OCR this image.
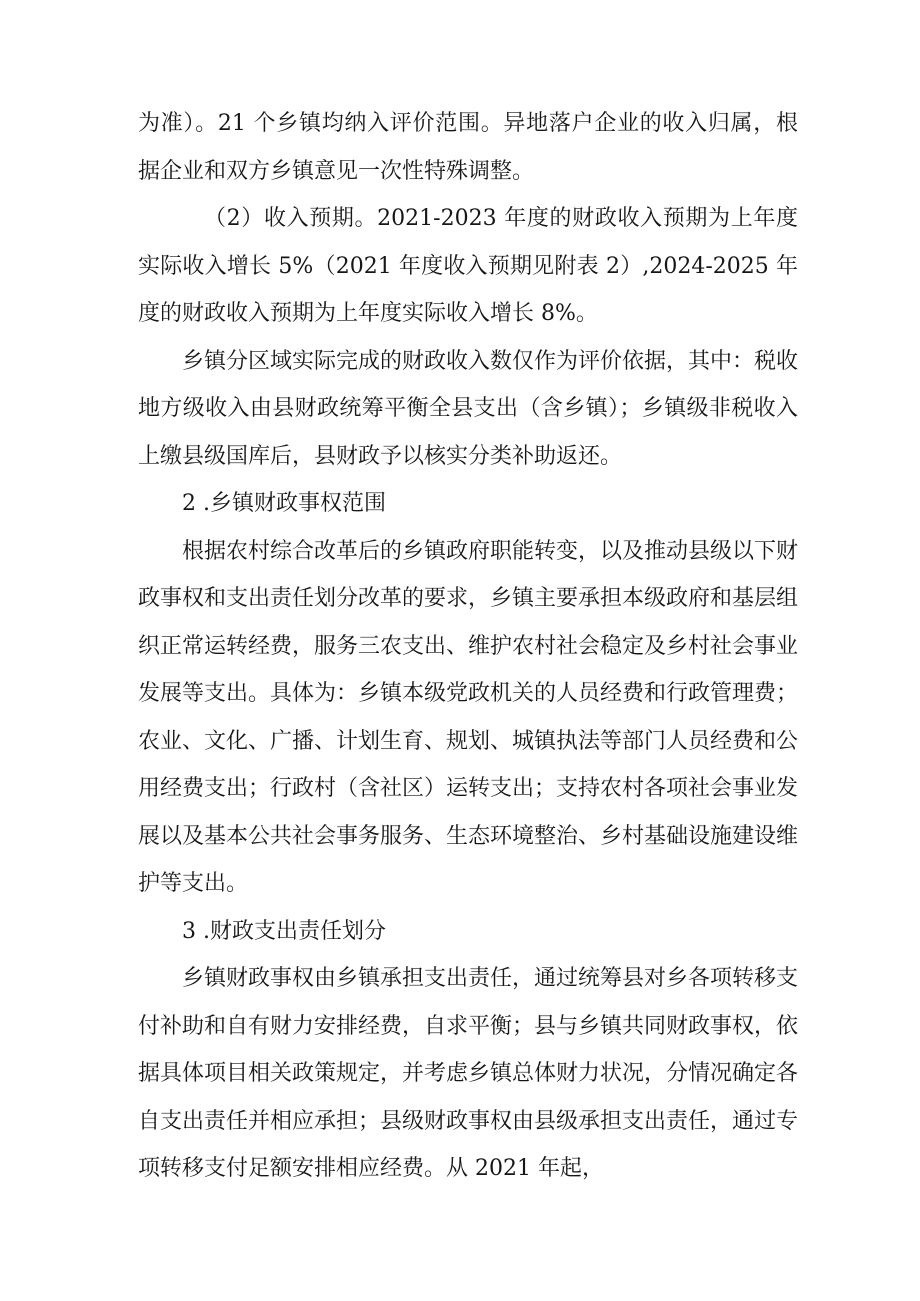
为准）。21 个乡镇均纳入评价范围。异地落户企业的收入归属，根据企业和双方乡镇意见一次性特殊调整。

（2）收入预期。2021-2023 年度的财政收入预期为上年度实际收入增长 5%（2021 年度收入预期见附表 2）,2024-2025 年度的财政收入预期为上年度实际收入增长 8%。

乡镇分区域实际完成的财政收入数仅作为评价依据，其中：税收地方级收入由县财政统筹平衡全县支出（含乡镇）；乡镇级非税收入上缴县级国库后，县财政予以核实分类补助返还。

2 .乡镇财政事权范围

根据农村综合改革后的乡镇政府职能转变，以及推动县级以下财政事权和支出责任划分改革的要求，乡镇主要承担本级政府和基层组织正常运转经费，服务三农支出、维护农村社会稳定及乡村社会事业发展等支出。具体为：乡镇本级党政机关的人员经费和行政管理费；农业、文化、广播、计划生育、规划、城镇执法等部门人员经费和公用经费支出；行政村（含社区）运转支出；支持农村各项社会事业发展以及基本公共社会事务服务、生态环境整治、乡村基础设施建设维护等支出。

3 .财政支出责任划分

乡镇财政事权由乡镇承担支出责任，通过统筹县对乡各项转移支付补助和自有财力安排经费，自求平衡；县与乡镇共同财政事权，依据具体项目相关政策规定，并考虑乡镇总体财力状况，分情况确定各自支出责任并相应承担；县级财政事权由县级承担支出责任，通过专项转移支付足额安排相应经费。从 2021 年起，
